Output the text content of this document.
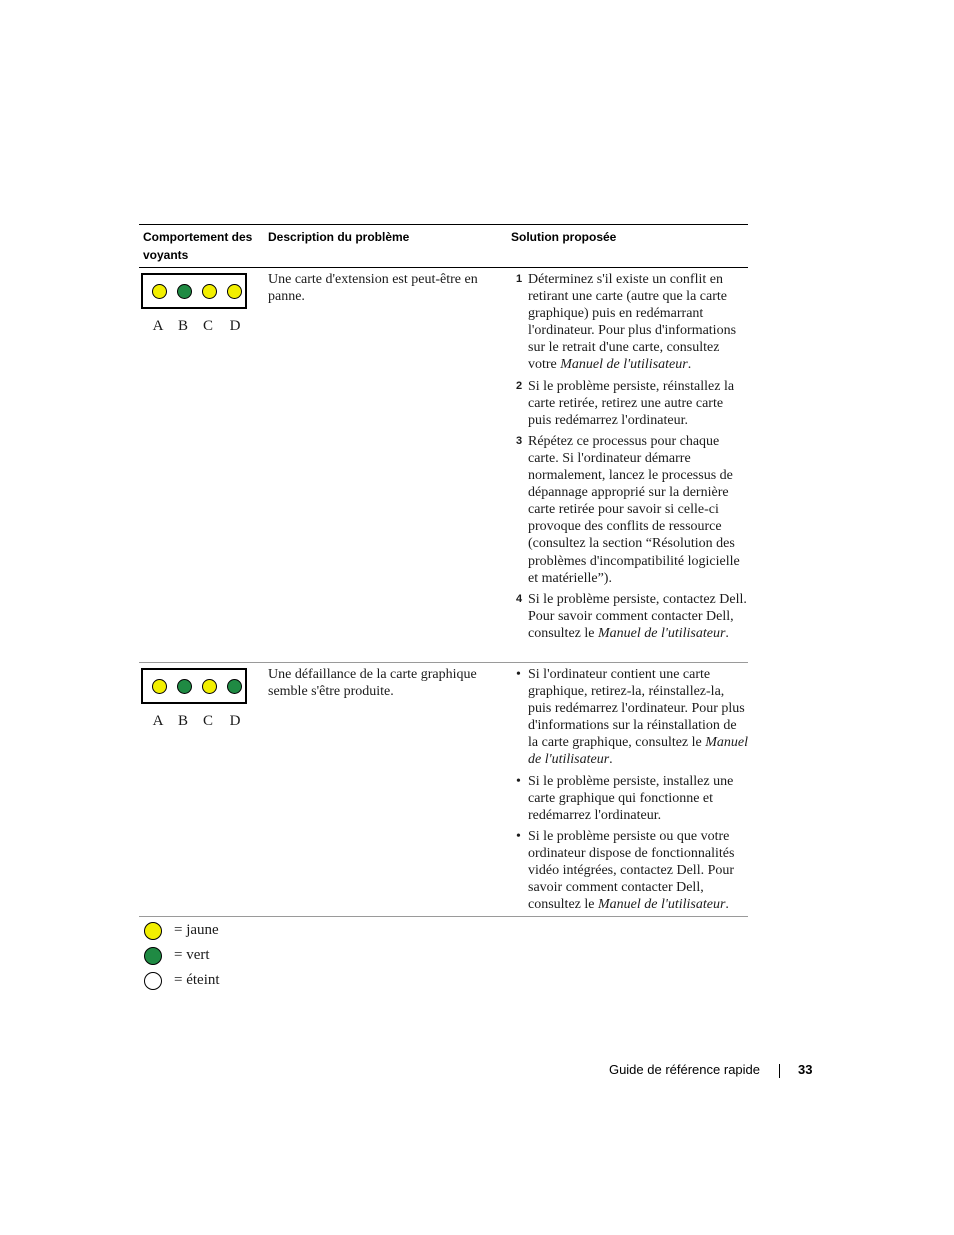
Comportement des voyants
Description du problème	Solution proposée
A B C	D
Une carte d'extension est peut-être en panne.
1 Déterminez s'il existe un conflit en retirant une carte (autre que la carte graphique) puis en redémarrant l'ordinateur. Pour plus d'informations sur le retrait d'une carte, consultez votre Manuel de l'utilisateur.
2 Si le problème persiste, réinstallez la carte retirée, retirez une autre carte puis redémarrez l'ordinateur.
3 Répétez ce processus pour chaque carte. Si l'ordinateur démarre normalement, lancez le processus de dépannage approprié sur la dernière carte retirée pour savoir si celle-ci provoque des conflits de ressource (consultez la section “Résolution des problèmes d'incompatibilité logicielle et matérielle”).
4 Si le problème persiste, contactez Dell. Pour savoir comment contacter Dell, consultez le Manuel de l'utilisateur.
A B C	D
Une défaillance de la carte graphique semble s'être produite.
• Si l'ordinateur contient une carte graphique, retirez-la, réinstallez-la, puis redémarrez l'ordinateur. Pour plus d'informations sur la réinstallation de la carte graphique, consultez le Manuel de l'utilisateur.
• Si le problème persiste, installez une carte graphique qui fonctionne et redémarrez l'ordinateur.
• Si le problème persiste ou que votre ordinateur dispose de fonctionnalités vidéo intégrées, contactez Dell. Pour savoir comment contacter Dell, consultez le Manuel de l'utilisateur.
= jaune
= vert
= éteint
Guide de référence rapide	33
